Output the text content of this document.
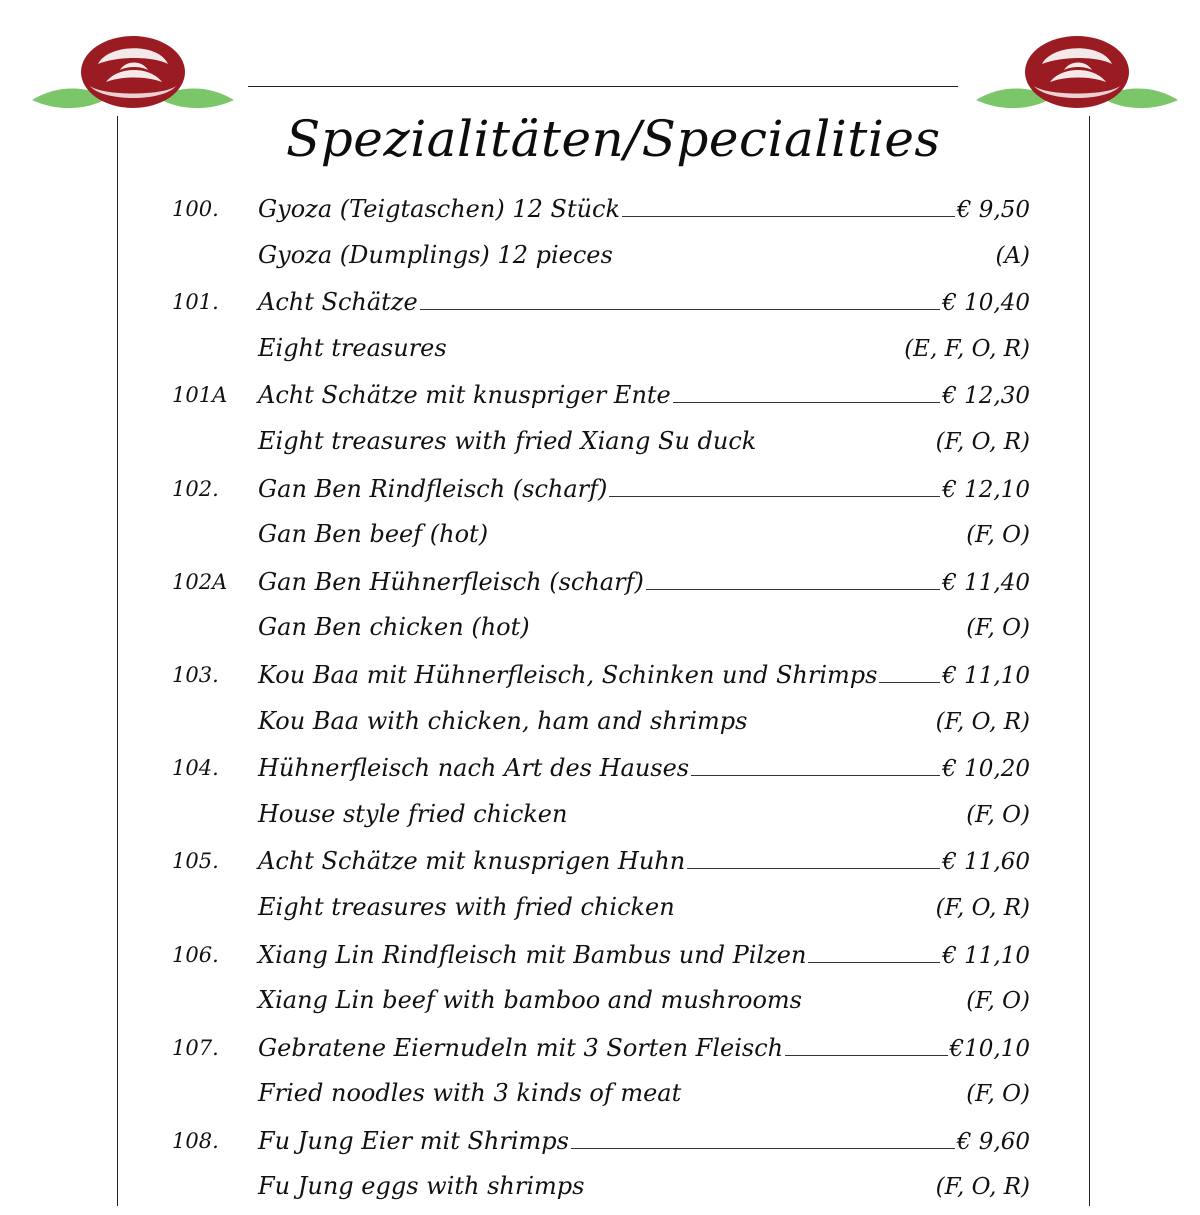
Spezialitäten/Specialities
100. Gyoza (Teigtaschen) 12 Stück	€ 9,50
Gyoza (Dumplings) 12 pieces	(A)
101. Acht Schätze	€ 10,40
Eight treasures	(E, F, O, R)
101A Acht Schätze mit knuspriger Ente	€ 12,30
Eight treasures with fried Xiang Su duck	(F, O, R)
102. Gan Ben Rindfleisch (scharf)	€ 12,10
Gan Ben beef (hot)	(F, O)
102A Gan Ben Hühnerfleisch (scharf)	€ 11,40
Gan Ben chicken (hot)	(F, O)
103. Kou Baa mit Hühnerfleisch, Schinken und Shrimps	€ 11,10
Kou Baa with chicken, ham and shrimps	(F, O, R)
104. Hühnerfleisch nach Art des Hauses	€ 10,20
House style fried chicken	(F, O)
105. Acht Schätze mit knusprigen Huhn	€ 11,60
Eight treasures with fried chicken	(F, O, R)
106. Xiang Lin Rindfleisch mit Bambus und Pilzen	€ 11,10
Xiang Lin beef with bamboo and mushrooms	(F, O)
107. Gebratene Eiernudeln mit 3 Sorten Fleisch	€10,10
Fried noodles with 3 kinds of meat	(F, O)
108. Fu Jung Eier mit Shrimps	€ 9,60
Fu Jung eggs with shrimps	(F, O, R)
